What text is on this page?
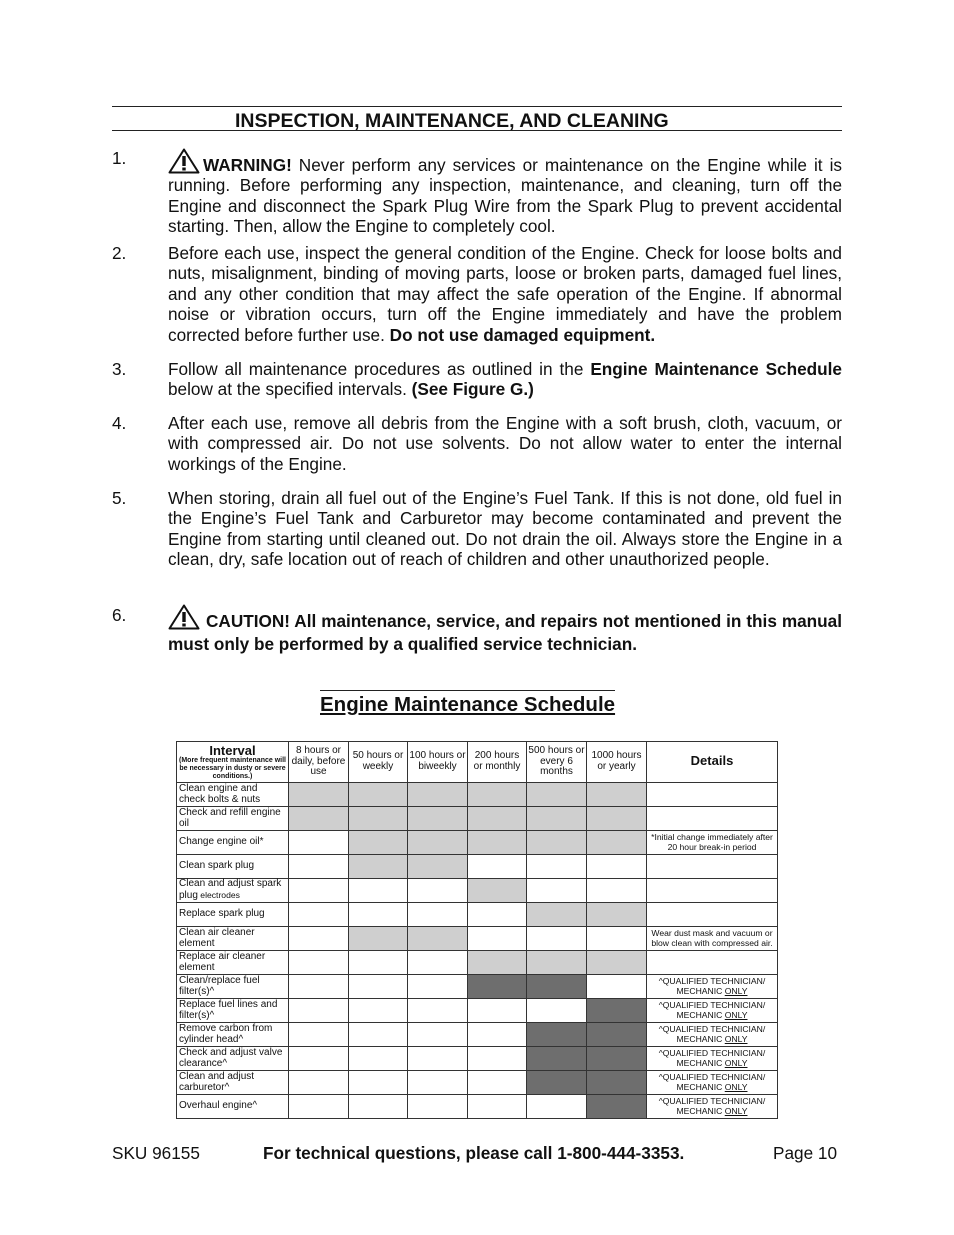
INSPECTION, MAINTENANCE, AND CLEANING
1.	WARNING! Never perform any services or maintenance on the Engine while it is running. Before performing any inspection, maintenance, and cleaning, turn off the Engine and disconnect the Spark Plug Wire from the Spark Plug to prevent accidental starting. Then, allow the Engine to completely cool.
2. Before each use, inspect the general condition of the Engine. Check for loose bolts and nuts, misalignment, binding of moving parts, loose or broken parts, damaged fuel lines, and any other condition that may affect the safe operation of the Engine. If abnormal noise or vibration occurs, turn off the Engine immediately and have the problem corrected before further use. Do not use damaged equipment.
3. Follow all maintenance procedures as outlined in the Engine Maintenance Schedule below at the specified intervals. (See Figure G.)
4. After each use, remove all debris from the Engine with a soft brush, cloth, vacuum, or with compressed air. Do not use solvents. Do not allow water to enter the internal workings of the Engine.
5. When storing, drain all fuel out of the Engine’s Fuel Tank. If this is not done, old fuel in the Engine’s Fuel Tank and Carburetor may become contaminated and prevent the Engine from starting until cleaned out. Do not drain the oil. Always store the Engine in a clean, dry, safe location out of reach of children and other unauthorized people.
6.	CAUTION! All maintenance, service, and repairs not mentioned in this manual must only be performed by a qualified service technician.
Engine Maintenance Schedule
Interval
(More frequent maintenance will be necessary in dusty or severe conditions.)	8 hours or daily, before use	50 hours or weekly	100 hours or biweekly	200 hours or monthly	500 hours or every 6 months	1000 hours or yearly	Details
Clean engine and check bolts & nuts							
Check and refill engine oil							
Change engine oil*							*Initial change immediately after 20 hour break-in period
Clean spark plug							
Clean and adjust spark plug electrodes							
Replace spark plug							
Clean air cleaner element							Wear dust mask and vacuum or blow clean with compressed air.
Replace air cleaner element							
Clean/replace fuel filter(s)^							^QUALIFIED TECHNICIAN/
MECHANIC ONLY
Replace fuel lines and filter(s)^							^QUALIFIED TECHNICIAN/
MECHANIC ONLY
Remove carbon from cylinder head^							^QUALIFIED TECHNICIAN/
MECHANIC ONLY
Check and adjust valve clearance^							^QUALIFIED TECHNICIAN/
MECHANIC ONLY
Clean and adjust carburetor^							^QUALIFIED TECHNICIAN/
MECHANIC ONLY
Overhaul engine^							^QUALIFIED TECHNICIAN/
MECHANIC ONLY
SKU 96155	For technical questions, please call 1-800-444-3353.	Page 10
